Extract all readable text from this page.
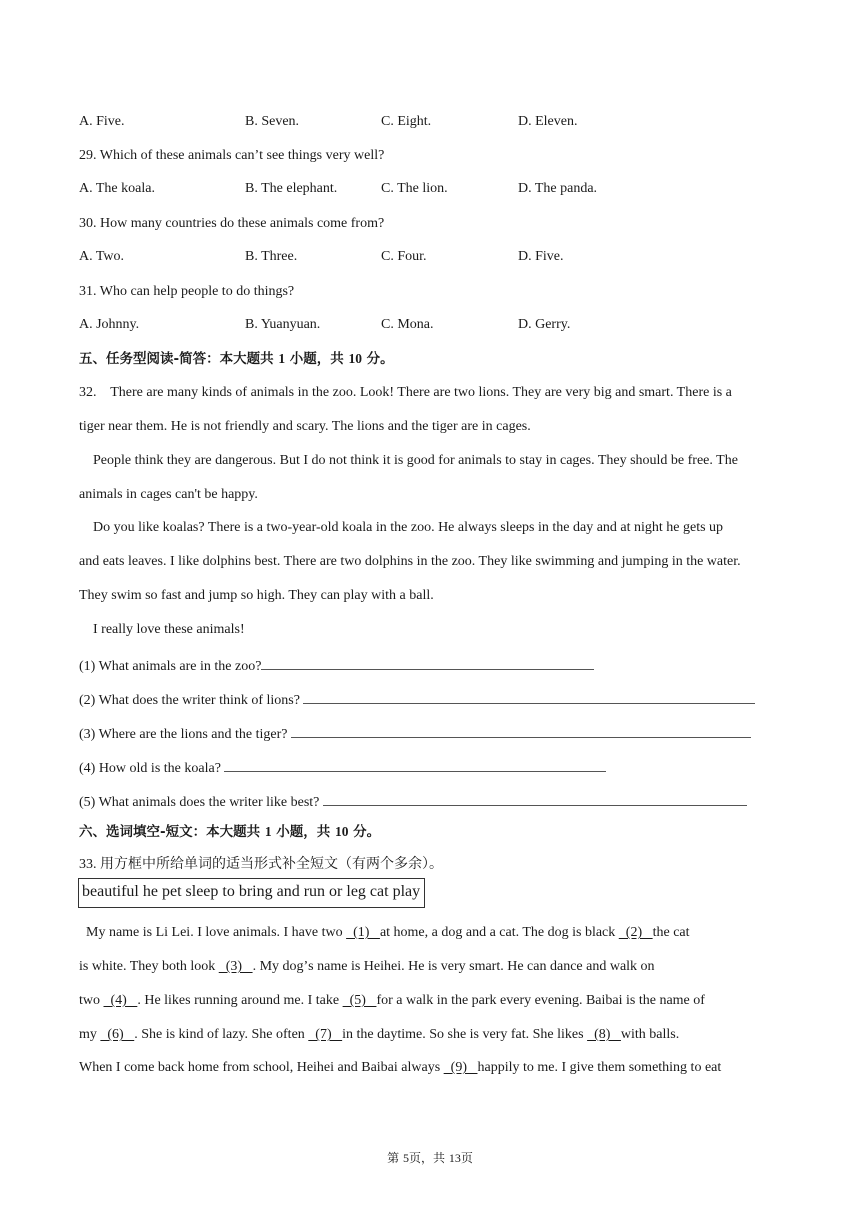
A. Five.	B. Seven.	C. Eight.	D. Eleven.
29. Which of these animals canʼt see things very well?
A. The koala.	B. The elephant.	C. The lion.	D. The panda.
30. How many countries do these animals come from?
A. Two.	B. Three.	C. Four.	D. Five.
31. Who can help people to do things?
A. Johnny.	B. Yuanyuan.	C. Mona.	D. Gerry.
五、任务型阅读-简答：本大题共 1 小题，共 10 分。
32.    There are many kinds of animals in the zoo. Look! There are two lions. They are very big and smart. There is a
tiger near them. He is not friendly and scary. The lions and the tiger are in cages.
People think they are dangerous. But I do not think it is good for animals to stay in cages. They should be free. The
animals in cages can't be happy.
Do you like koalas? There is a two-year-old koala in the zoo. He always sleeps in the day and at night he gets up
and eats leaves. I like dolphins best. There are two dolphins in the zoo. They like swimming and jumping in the water.
They swim so fast and jump so high. They can play with a ball.
I really love these animals!
(1) What animals are in the zoo?
(2) What does the writer think of lions?
(3) Where are the lions and the tiger?
(4) How old is the koala?
(5) What animals does the writer like best?
六、选词填空-短文：本大题共 1 小题，共 10 分。
33. 用方框中所给单词的适当形式补全短文（有两个多余）。
beautiful he pet sleep to bring and run or leg cat play
My name is Li Lei. I love animals. I have two   (1)   at home, a dog and a cat. The dog is black   (2)   the cat
is white. They both look   (3)   . My dogʼs name is Heihei. He is very smart. He can dance and walk on
two   (4)   . He likes running around me. I take   (5)   for a walk in the park every evening. Baibai is the name of
my   (6)   . She is kind of lazy. She often   (7)   in the daytime. So she is very fat. She likes   (8)   with balls.
When I come back home from school, Heihei and Baibai always   (9)   happily to me. I give them something to eat
第 5页，共 13页
